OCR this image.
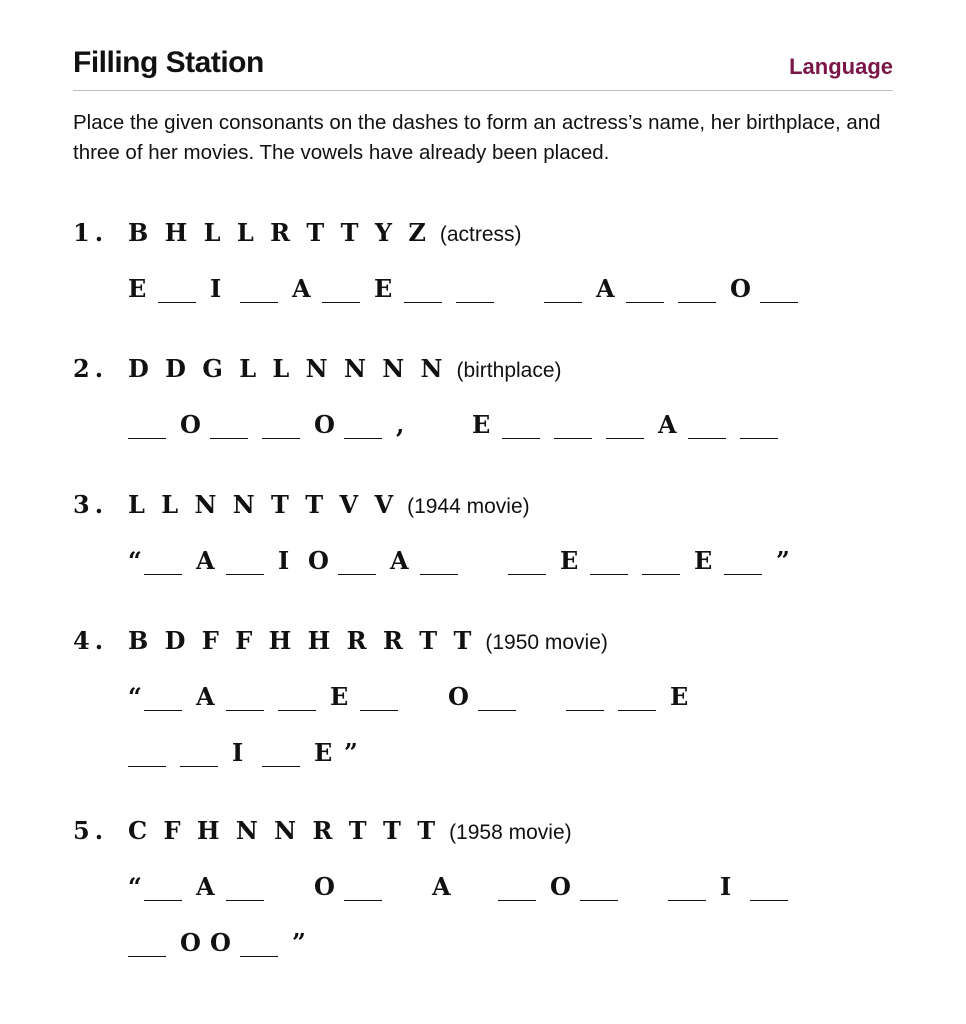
Filling Station	Language
Place the given consonants on the dashes to form an actress’s name, her birthplace, and three of her movies. The vowels have already been placed.
1. B H L L R T T Y Z (actress)
E	I	A	E	A	O
2. D D G L L N N N N (birthplace)
O	O	,	E	A
3. L L N N T T V V (1944 movie)
“ A	I O	A	E	E	”
4. B D F F H H R R T T (1950 movie)
“ A	E	O	E
I	E ”
5. C F H N N R T T T (1958 movie)
“ A	O	A	O	I
O O	”
